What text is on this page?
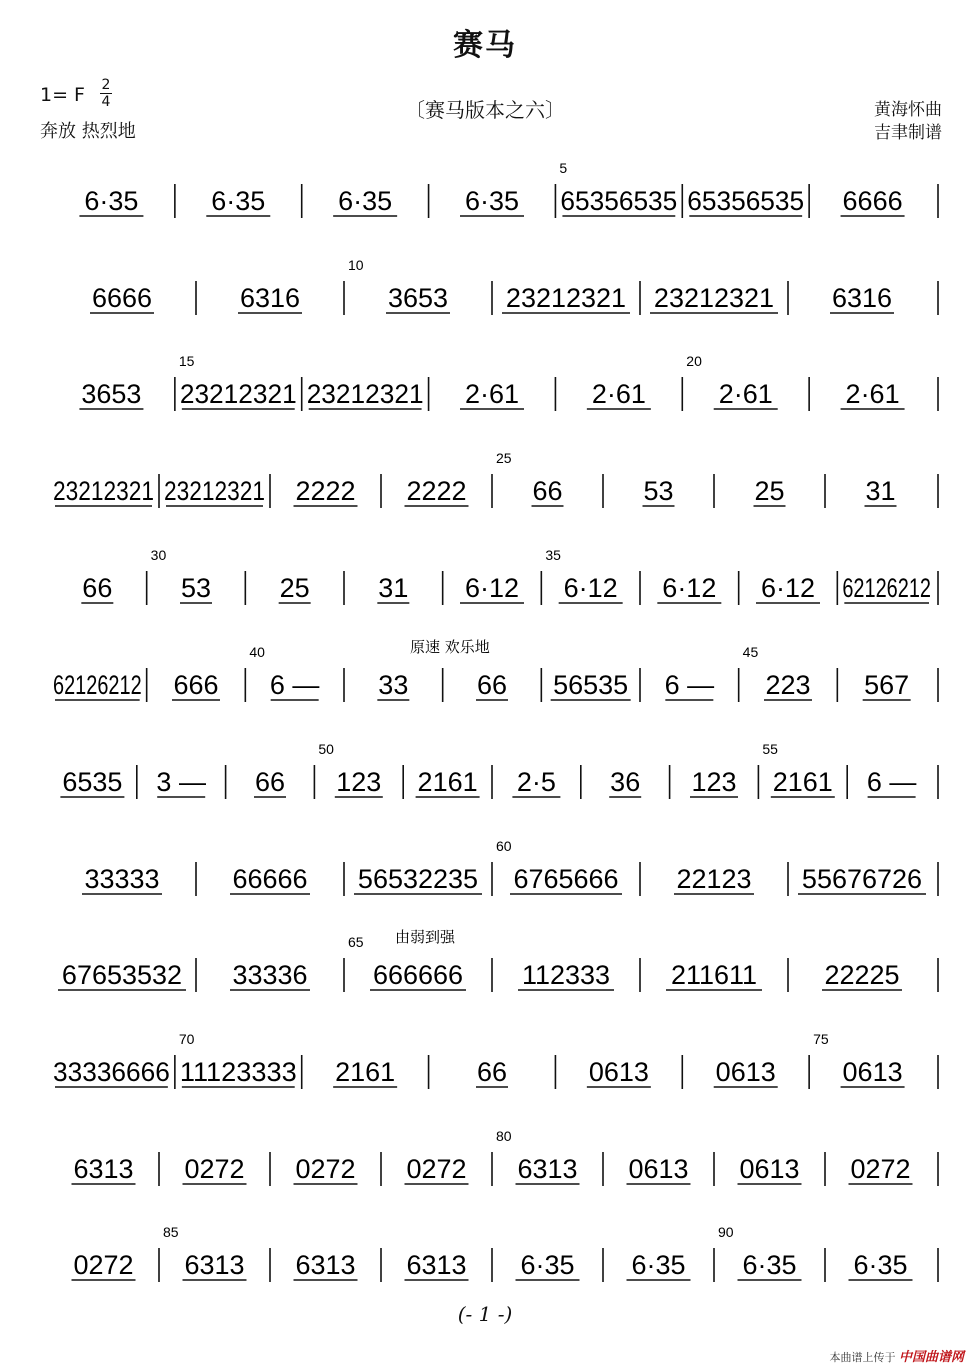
赛马
1= F 2
4
奔放 热烈地
〔赛马版本之六〕	黄海怀曲
吉聿制谱
6·35	6·35	6·35	6·35 65356535
5
65356535 6666
6666	6316	3653
10
23212321 23212321 6316
3653 23212321
15
23212321 2·61	2·61	2·61
20
2·61
23212321 23212321 2222 2222 66
25
53	25	31
66	53
30
25	31 6·12 6·12
35
6·12 6·12 62126212
62126212 666 6 —
40
33	66 56535 6 — 223
45
567
6535 3 — 66 123
50
2161 2·5 36 123 2161
55
6 —
33333	66666 56532235 6765666
60
22123 55676726
67653532 33336 666666
65
112333 211611 22225
33336666 11123333
70
2161	66	0613 0613 0613
75
6313 0272 0272 0272 6313
80
0613 0613 0272
0272 6313
85
6313 6313 6·35 6·35 6·35
90
6·35
原速 欢乐地
由弱到强
(- 1 -)
本曲谱上传于 中国曲谱网
